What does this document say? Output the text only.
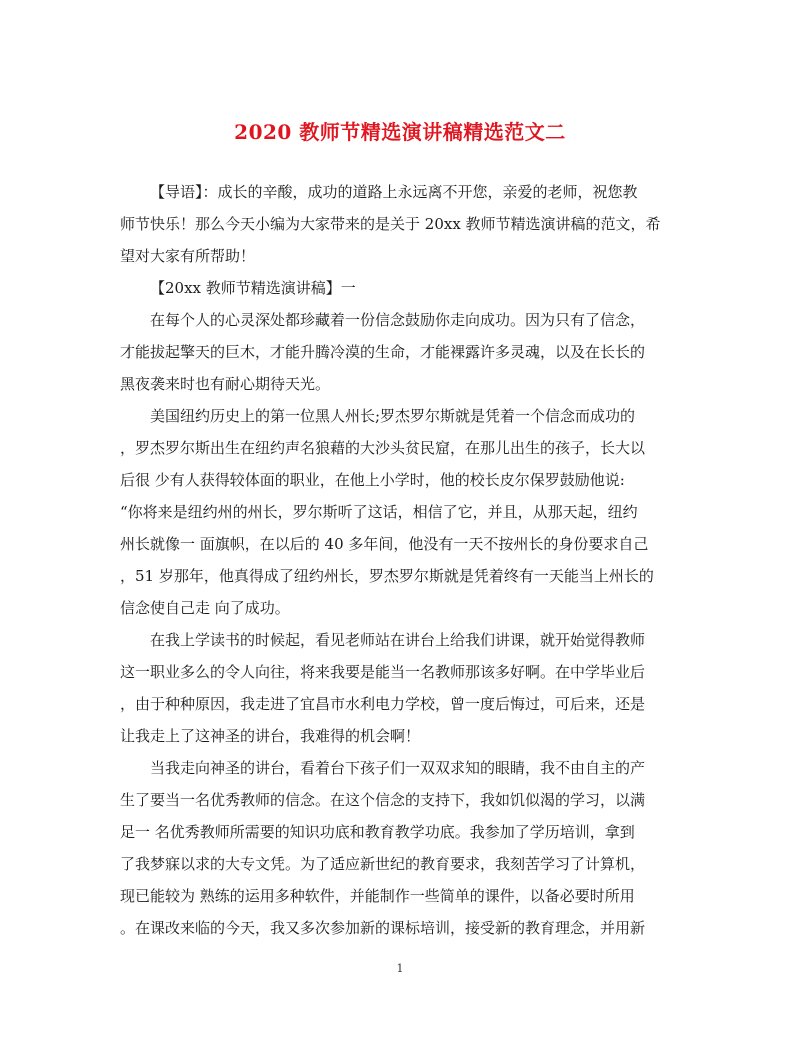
2020 教师节精选演讲稿精选范文二
【导语】：成长的辛酸，成功的道路上永远离不开您，亲爱的老师，祝您教
师节快乐！那么今天小编为大家带来的是关于 20xx 教师节精选演讲稿的范文，希
望对大家有所帮助！
【20xx 教师节精选演讲稿】一
在每个人的心灵深处都珍藏着一份信念鼓励你走向成功。因为只有了信念，
才能拔起擎天的巨木，才能升腾冷漠的生命，才能裸露许多灵魂，以及在长长的
黑夜袭来时也有耐心期待天光。
美国纽约历史上的第一位黑人州长;罗杰罗尔斯就是凭着一个信念而成功的
，罗杰罗尔斯出生在纽约声名狼藉的大沙头贫民窟，在那儿出生的孩子，长大以
后很 少有人获得较体面的职业，在他上小学时，他的校长皮尔保罗鼓励他说:
“你将来是纽约州的州长，罗尔斯听了这话，相信了它，并且，从那天起，纽约
州长就像一 面旗帜，在以后的 40 多年间，他没有一天不按州长的身份要求自己
，51 岁那年，他真得成了纽约州长，罗杰罗尔斯就是凭着终有一天能当上州长的
信念使自己走 向了成功。
在我上学读书的时候起，看见老师站在讲台上给我们讲课，就开始觉得教师
这一职业多么的令人向往，将来我要是能当一名教师那该多好啊。在中学毕业后
，由于种种原因，我走进了宜昌市水利电力学校，曾一度后悔过，可后来，还是
让我走上了这神圣的讲台，我难得的机会啊！
当我走向神圣的讲台，看着台下孩子们一双双求知的眼睛，我不由自主的产
生了要当一名优秀教师的信念。在这个信念的支持下，我如饥似渴的学习，以满
足一 名优秀教师所需要的知识功底和教育教学功底。我参加了学历培训，拿到
了我梦寐以求的大专文凭。为了适应新世纪的教育要求，我刻苦学习了计算机，
现已能较为 熟练的运用多种软件，并能制作一些简单的课件，以备必要时所用
。在课改来临的今天，我又多次参加新的课标培训，接受新的教育理念，并用新
1
